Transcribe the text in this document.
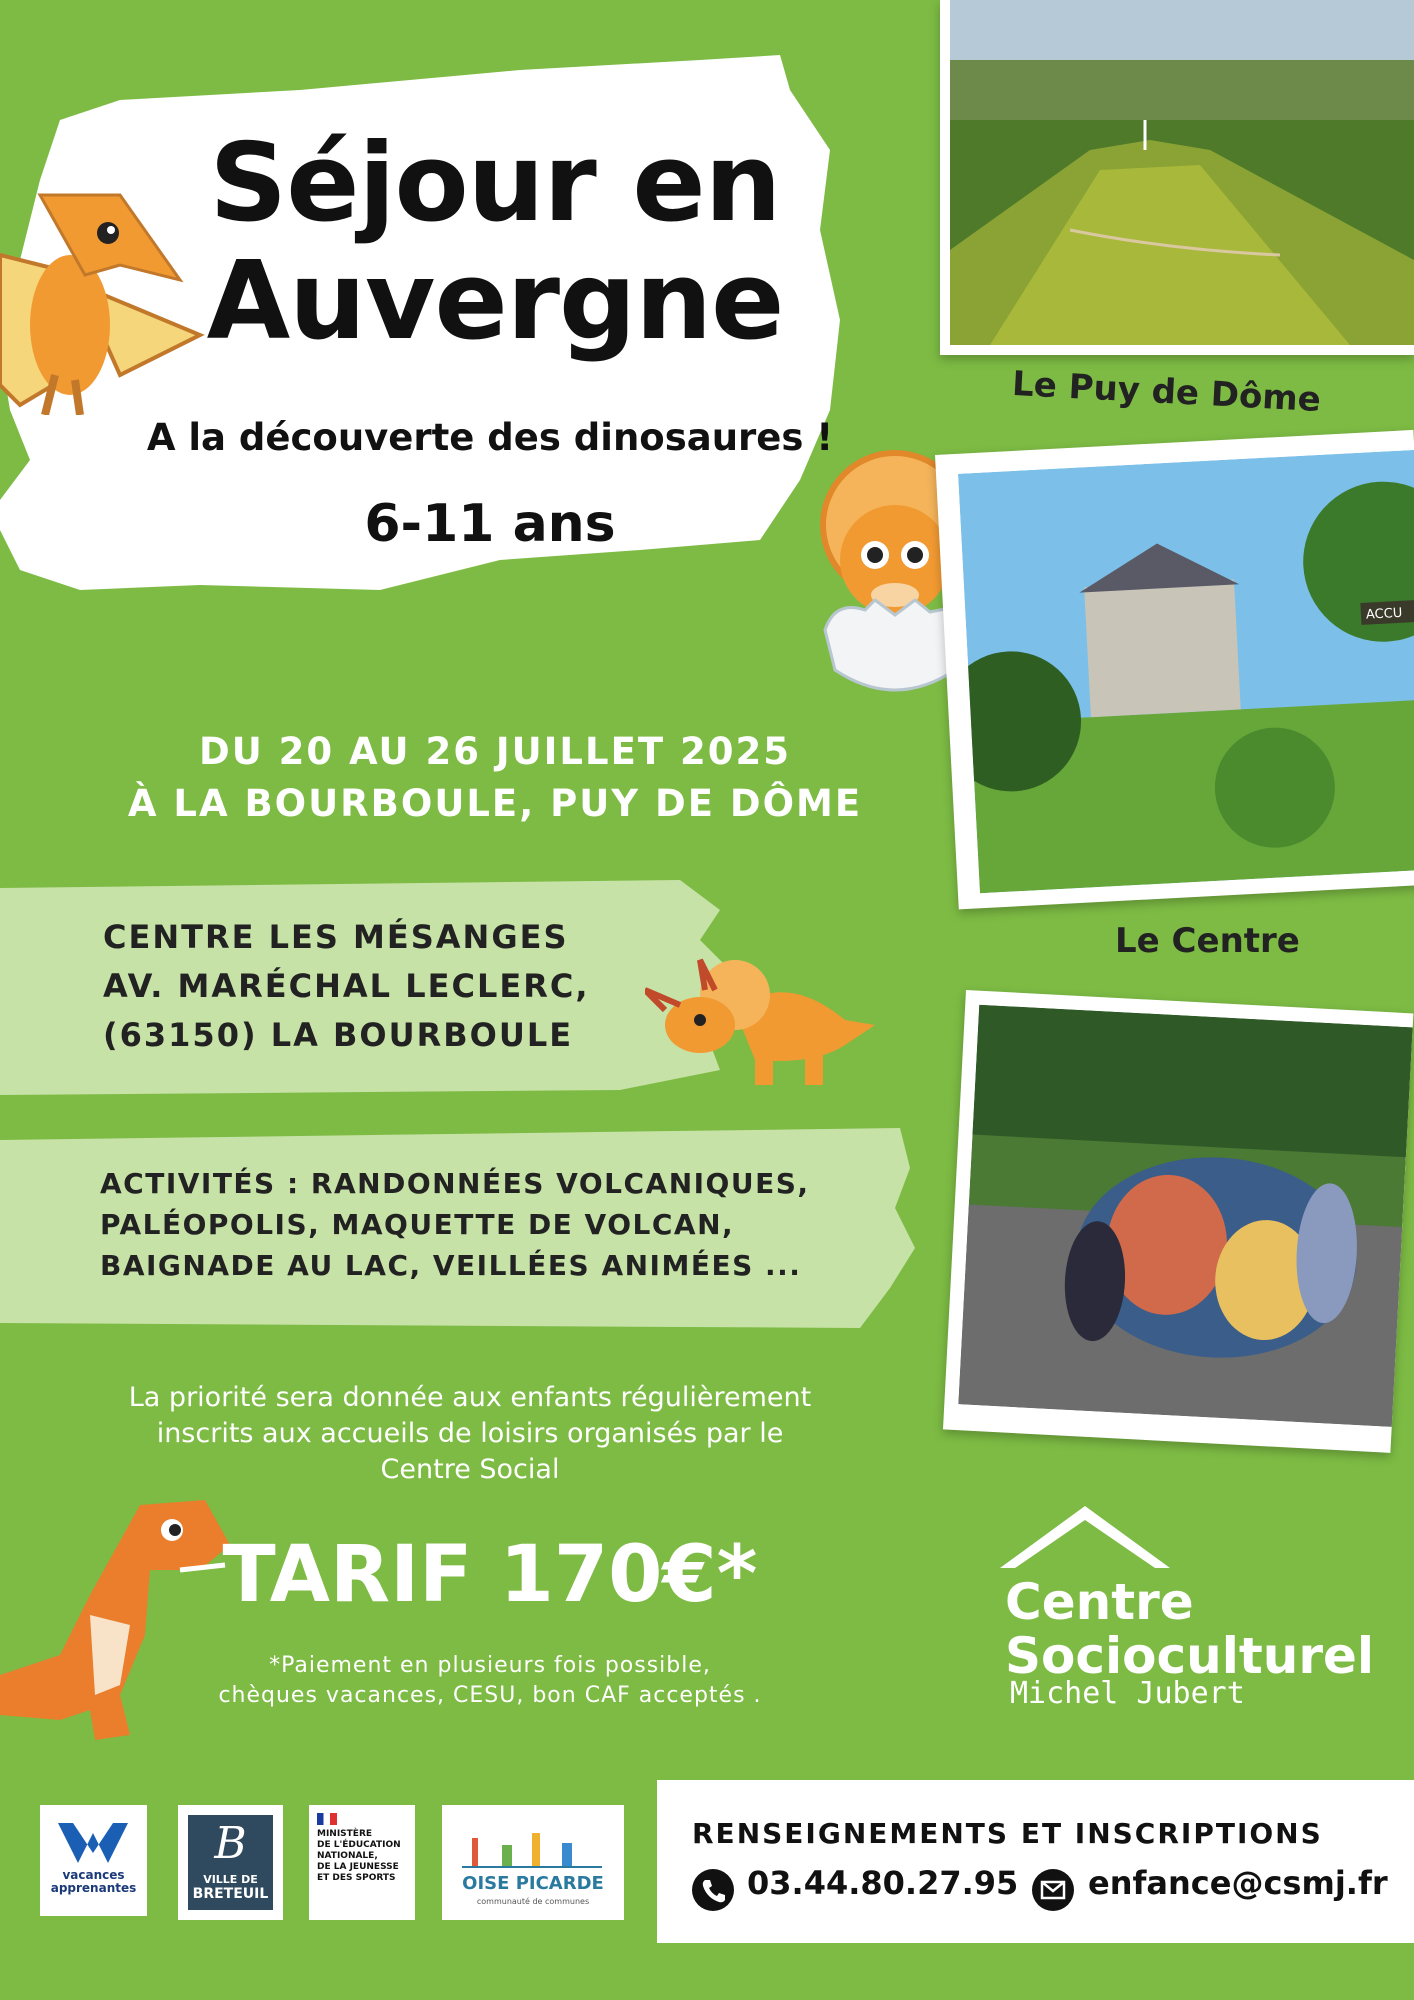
Séjour en
Auvergne
A la découverte des dinosaures !
6-11 ans
DU 20 AU 26 JUILLET 2025
À LA BOURBOULE, PUY DE DÔME
CENTRE LES MÉSANGES
AV. MARÉCHAL LECLERC,
(63150) LA BOURBOULE
ACTIVITÉS : RANDONNÉES VOLCANIQUES,
PALÉOPOLIS, MAQUETTE DE VOLCAN,
BAIGNADE AU LAC, VEILLÉES ANIMÉES ...
La priorité sera donnée aux enfants régulièrement
inscrits aux accueils de loisirs organisés par le
Centre Social
TARIF 170€*
*Paiement en plusieurs fois possible,
chèques vacances, CESU, bon CAF acceptés .
Le Puy de Dôme
ACCU
Le Centre
Centre
Socioculturel
Michel Jubert
vacances
apprenantes
B
VILLE DE
BRETEUIL
MINISTÈRE
DE L'ÉDUCATION
NATIONALE,
DE LA JEUNESSE
ET DES SPORTS	OISE PICARDE
communauté de communes
RENSEIGNEMENTS ET INSCRIPTIONS
03.44.80.27.95 enfance@csmj.fr
